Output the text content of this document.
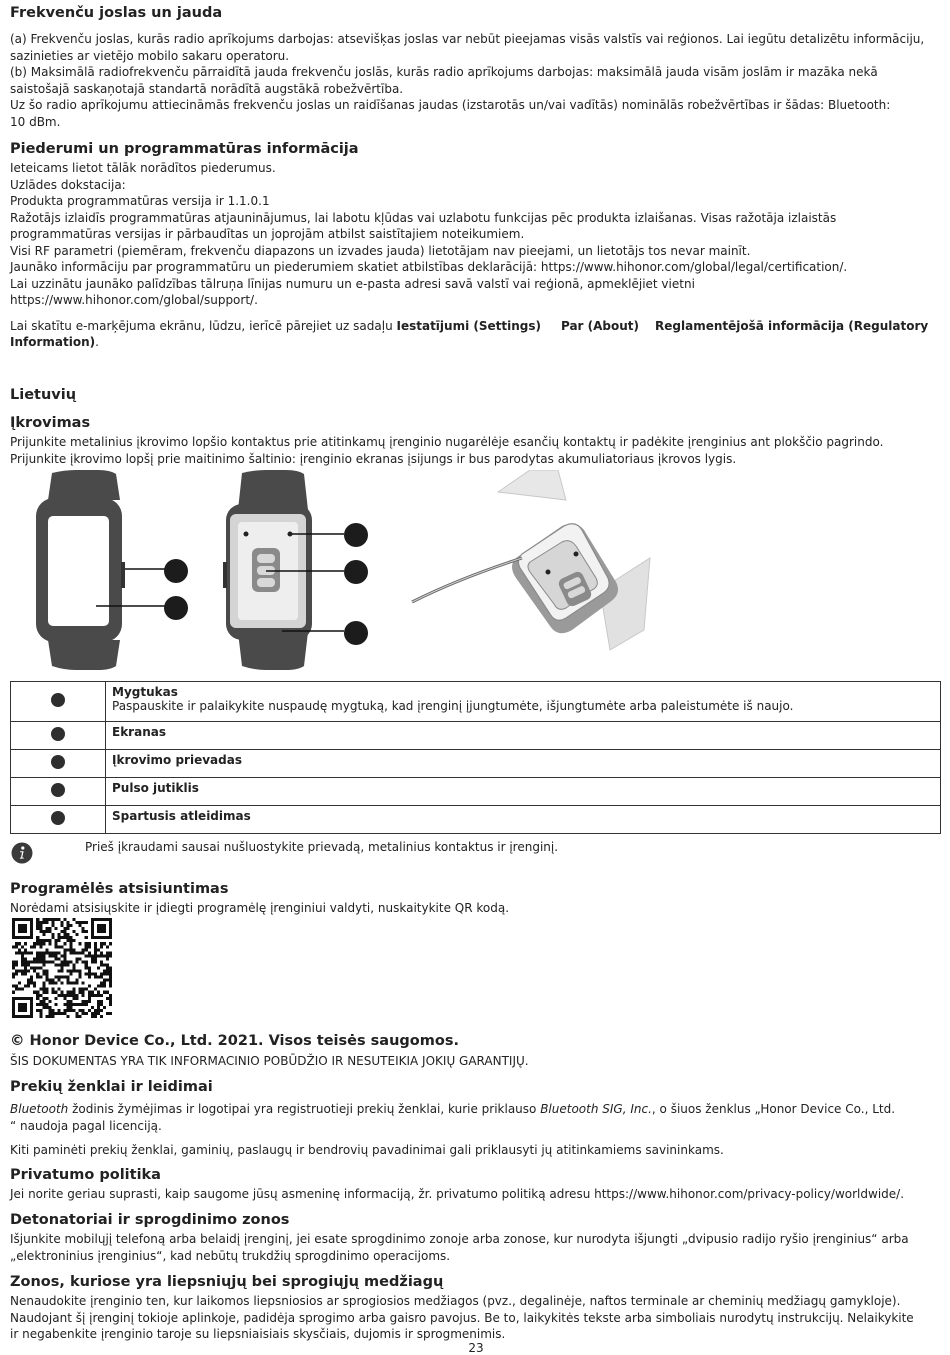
Frekvenču joslas un jauda

(a) Frekvenču joslas, kurās radio aprīkojums darbojas: atsevišķas joslas var nebūt pieejamas visās valstīs vai reģionos. Lai iegūtu detalizētu informāciju,

sazinieties ar vietējo mobilo sakaru operatoru.

(b) Maksimālā radiofrekvenču pārraidītā jauda frekvenču joslās, kurās radio aprīkojums darbojas: maksimālā jauda visām joslām ir mazāka nekā

saistošajā saskaņotajā standartā norādītā augstākā robežvērtība.

Uz šo radio aprīkojumu attiecināmās frekvenču joslas un raidīšanas jaudas (izstarotās un/vai vadītās) nominālās robežvērtības ir šādas: Bluetooth:

10 dBm.

Piederumi un programmatūras informācija

Ieteicams lietot tālāk norādītos piederumus.

Uzlādes dokstacija:

Produkta programmatūras versija ir 1.1.0.1

Ražotājs izlaidīs programmatūras atjauninājumus, lai labotu kļūdas vai uzlabotu funkcijas pēc produkta izlaišanas. Visas ražotāja izlaistās

programmatūras versijas ir pārbaudītas un joprojām atbilst saistītajiem noteikumiem.

Visi RF parametri (piemēram, frekvenču diapazons un izvades jauda) lietotājam nav pieejami, un lietotājs tos nevar mainīt.

Jaunāko informāciju par programmatūru un piederumiem skatiet atbilstības deklarācijā: https://www.hihonor.com/global/legal/certification/.

Lai uzzinātu jaunāko palīdzības tālruņa līnijas numuru un e-pasta adresi savā valstī vai reģionā, apmeklējiet vietni

https://www.hihonor.com/global/support/.

Lai skatītu e-marķējuma ekrānu, lūdzu, ierīcē pārejiet uz sadaļu Iestatījumi (Settings) Par (About) Reglamentējošā informācija (Regulatory
Information).

Lietuvių
Įkrovimas

Prijunkite metalinius įkrovimo lopšio kontaktus prie atitinkamų įrenginio nugarėlėje esančių kontaktų ir padėkite įrenginius ant plokščio pagrindo.

Prijunkite įkrovimo lopšį prie maitinimo šaltinio: įrenginio ekranas įsijungs ir bus parodytas akumuliatoriaus įkrovos lygis.

	Mygtukas
Paspauskite ir palaikykite nuspaudę mygtuką, kad įrenginį įjungtumėte, išjungtumėte arba paleistumėte iš naujo.

	Ekranas

	Įkrovimo prievadas

	Pulso jutiklis

	Spartusis atleidimas

Prieš įkraudami sausai nušluostykite prievadą, metalinius kontaktus ir įrenginį.

Programėlės atsisiuntimas

Norėdami atsisiųskite ir įdiegti programėlę įrenginiui valdyti, nuskaitykite QR kodą.

© Honor Device Co., Ltd. 2021. Visos teisės saugomos.

ŠIS DOKUMENTAS YRA TIK INFORMACINIO POBŪDŽIO IR NESUTEIKIA JOKIŲ GARANTIJŲ.

Prekių ženklai ir leidimai

Bluetooth žodinis žymėjimas ir logotipai yra registruotieji prekių ženklai, kurie priklauso Bluetooth SIG, Inc., o šiuos ženklus „Honor Device Co., Ltd.
“ naudoja pagal licenciją.

Kiti paminėti prekių ženklai, gaminių, paslaugų ir bendrovių pavadinimai gali priklausyti jų atitinkamiems savininkams.

Privatumo politika

Jei norite geriau suprasti, kaip saugome jūsų asmeninę informaciją, žr. privatumo politiką adresu https://www.hihonor.com/privacy-policy/worldwide/.

Detonatoriai ir sprogdinimo zonos

Išjunkite mobilųjį telefoną arba belaidį įrenginį, jei esate sprogdinimo zonoje arba zonose, kur nurodyta išjungti „dvipusio radijo ryšio įrenginius“ arba

„elektroninius įrenginius“, kad nebūtų trukdžių sprogdinimo operacijoms.

Zonos, kuriose yra liepsniųjų bei sprogiųjų medžiagų

Nenaudokite įrenginio ten, kur laikomos liepsniosios ar sprogiosios medžiagos (pvz., degalinėje, naftos terminale ar cheminių medžiagų gamykloje).

Naudojant šį įrenginį tokioje aplinkoje, padidėja sprogimo arba gaisro pavojus. Be to, laikykitės tekste arba simboliais nurodytų instrukcijų. Nelaikykite

ir negabenkite įrenginio taroje su liepsniaisiais skysčiais, dujomis ir sprogmenimis.

23
